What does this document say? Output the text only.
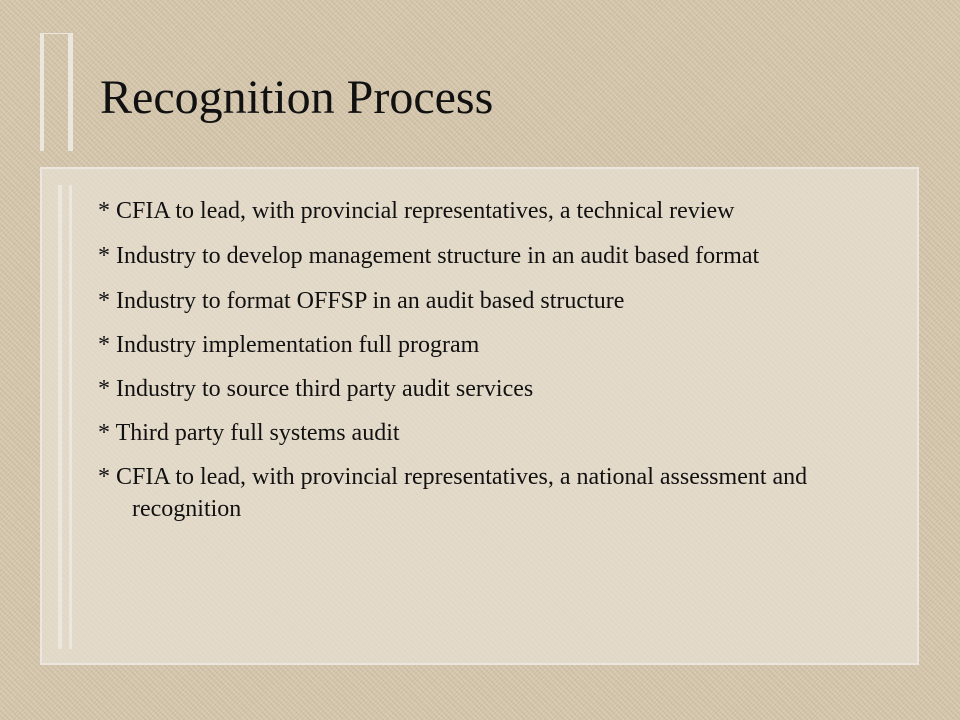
Recognition Process
* CFIA to lead, with provincial representatives, a technical review
* Industry to develop management structure in an audit based format
* Industry to format OFFSP in an audit based structure
* Industry implementation full program
* Industry to source third party audit services
* Third party full systems audit
* CFIA to lead, with provincial representatives, a national assessment and recognition
